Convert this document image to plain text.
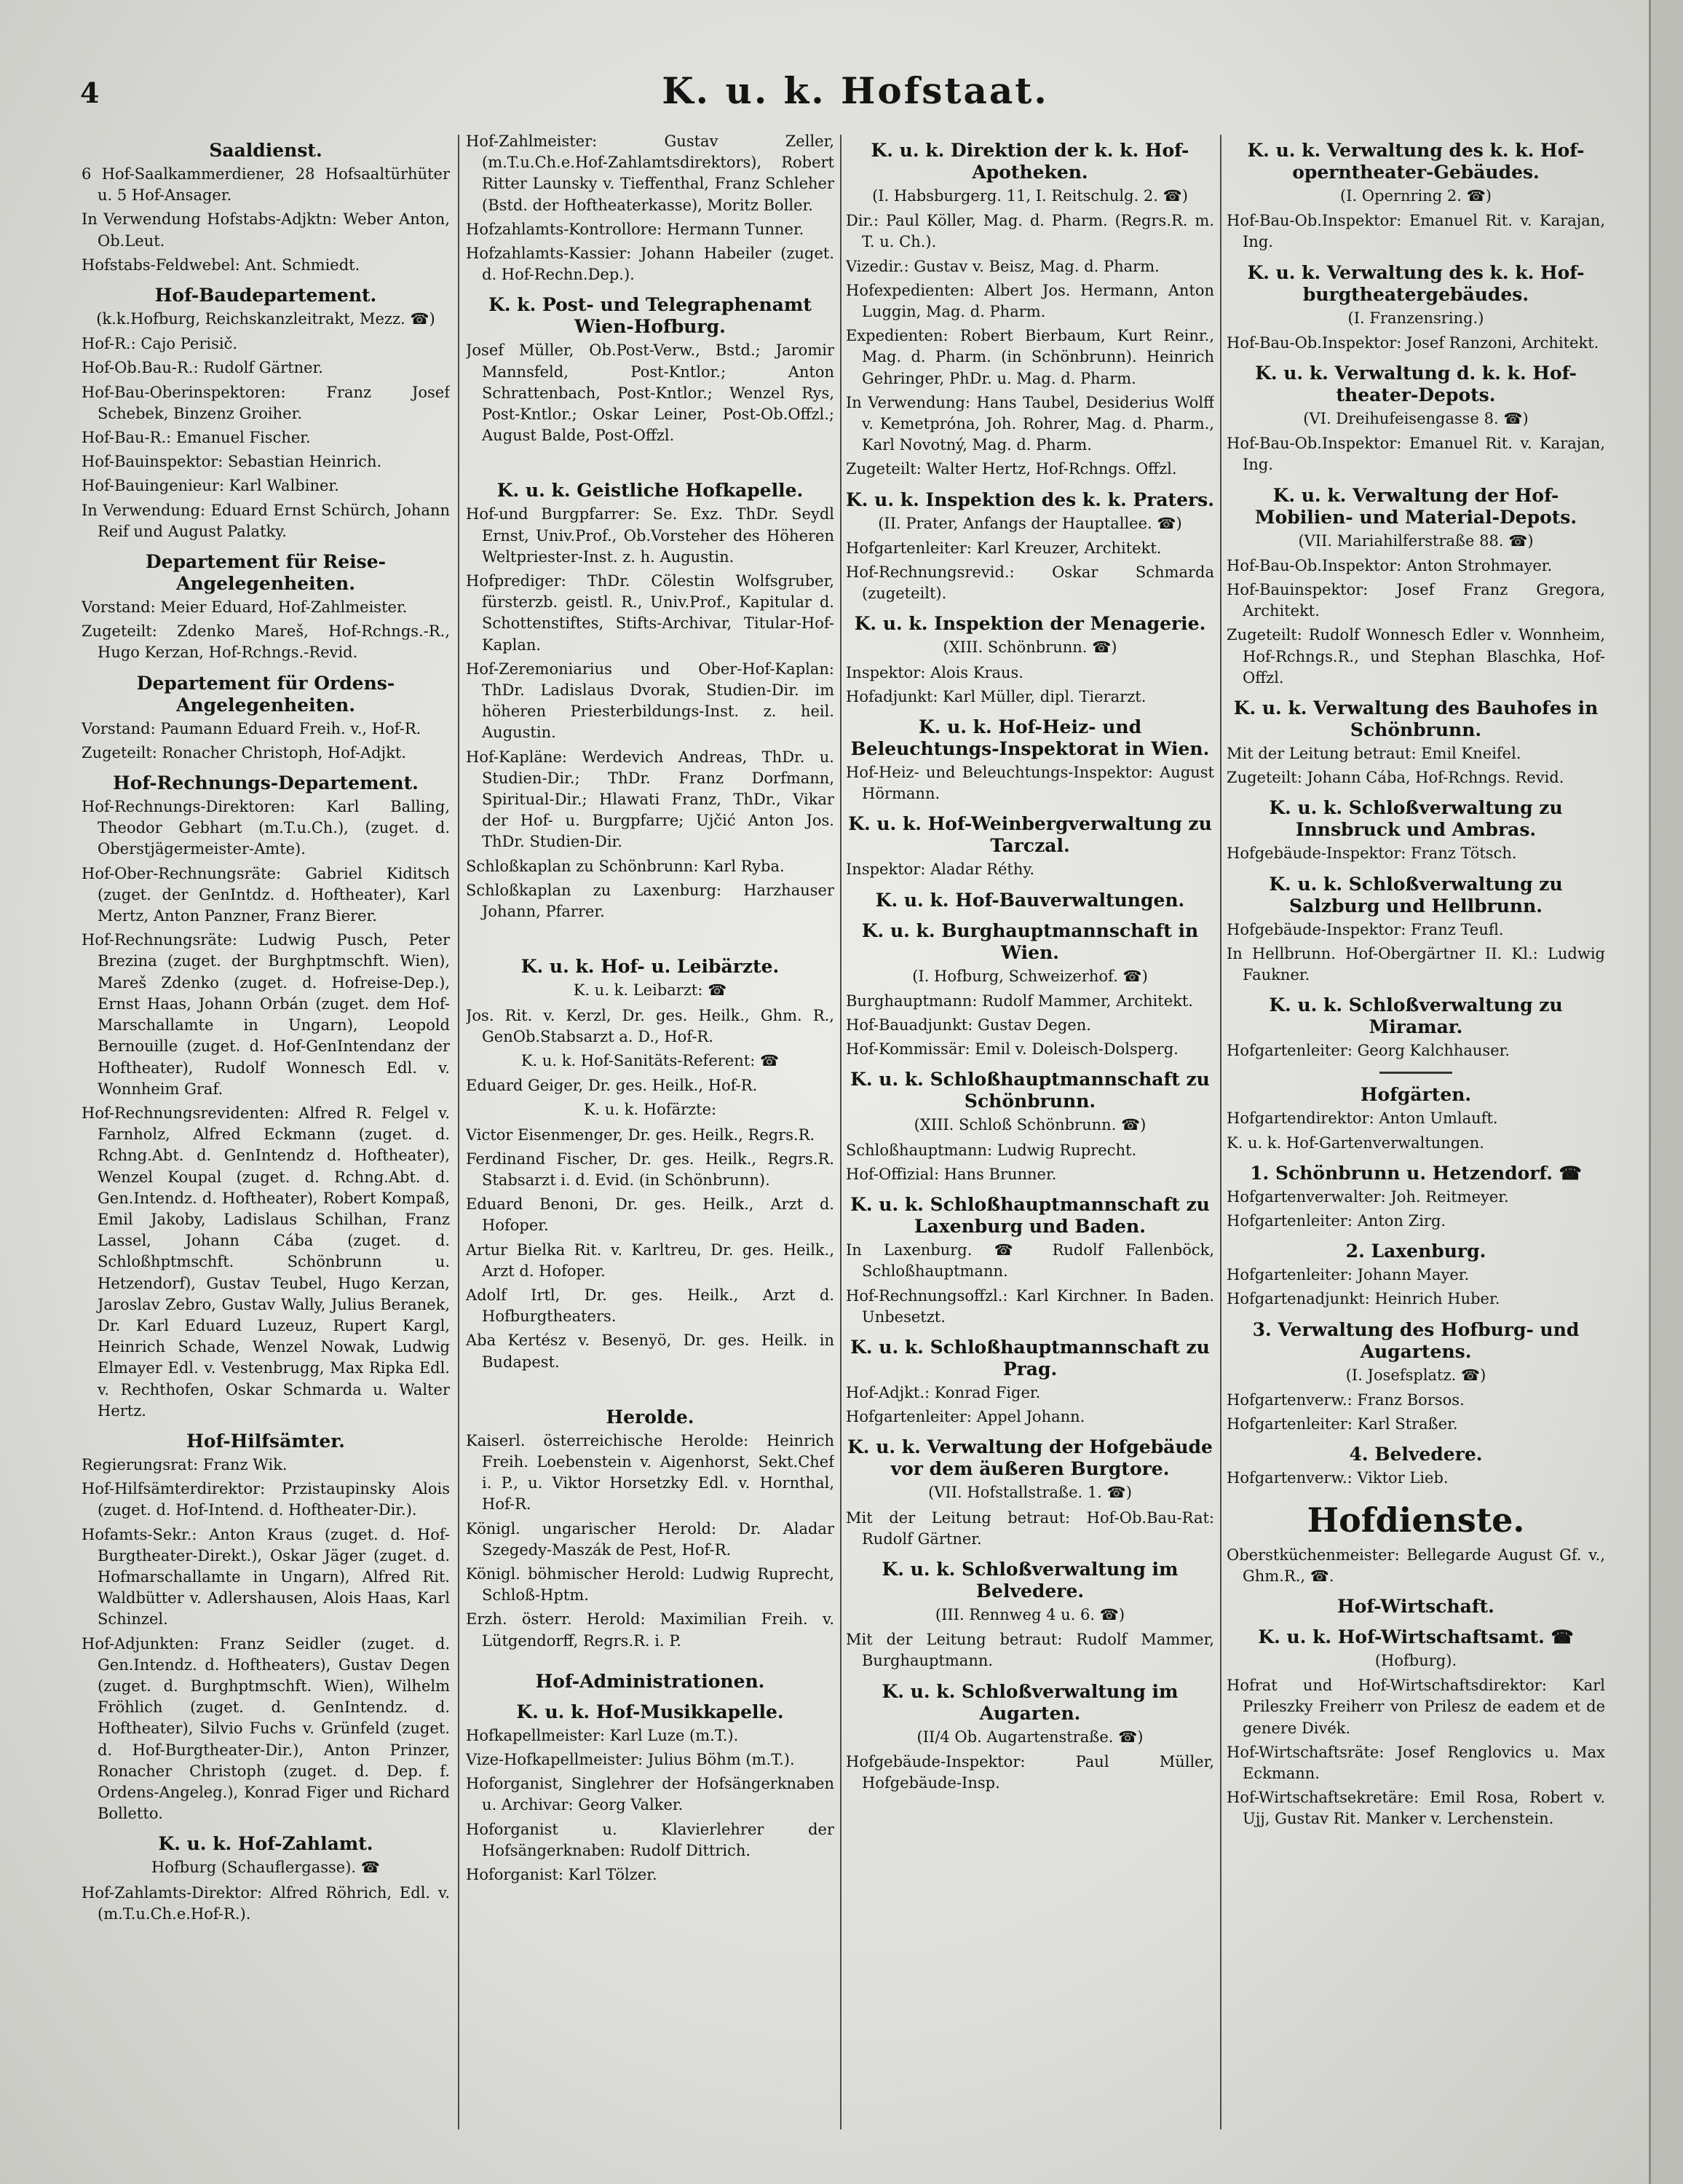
4	K. u. k. Hofstaat.
Saaldienst.
6 Hof-Saalkammerdiener, 28 Hofsaaltürhüter u. 5 Hof-Ansager.
In Verwendung Hofstabs-Adjktn: Weber Anton, Ob.Leut.
Hofstabs-Feldwebel: Ant. Schmiedt.
Hof-Baudepartement.
(k.k.Hofburg, Reichskanzleitrakt, Mezz. ☎)
Hof-R.: Cajo Perisič.
Hof-Ob.Bau-R.: Rudolf Gärtner.
Hof-Bau-Oberinspektoren: Franz Josef Schebek, Binzenz Groiher.
Hof-Bau-R.: Emanuel Fischer.
Hof-Bauinspektor: Sebastian Heinrich.
Hof-Bauingenieur: Karl Walbiner.
In Verwendung: Eduard Ernst Schürch, Johann Reif und August Palatky.
Departement für Reise-Angelegenheiten.
Vorstand: Meier Eduard, Hof-Zahlmeister.
Zugeteilt: Zdenko Mareš, Hof-Rchngs.-R., Hugo Kerzan, Hof-Rchngs.-Revid.
Departement für Ordens-Angelegenheiten.
Vorstand: Paumann Eduard Freih. v., Hof-R.
Zugeteilt: Ronacher Christoph, Hof-Adjkt.
Hof-Rechnungs-Departement.
Hof-Rechnungs-Direktoren: Karl Balling, Theodor Gebhart (m.T.u.Ch.), (zuget. d. Oberstjägermeister-Amte).
Hof-Ober-Rechnungsräte: Gabriel Kiditsch (zuget. der GenIntdz. d. Hoftheater), Karl Mertz, Anton Panzner, Franz Bierer.
Hof-Rechnungsräte: Ludwig Pusch, Peter Brezina (zuget. der Burghptmschft. Wien), Mareš Zdenko (zuget. d. Hofreise-Dep.), Ernst Haas, Johann Orbán (zuget. dem Hof-Marschallamte in Ungarn), Leopold Bernouille (zuget. d. Hof-GenIntendanz der Hoftheater), Rudolf Wonnesch Edl. v. Wonnheim Graf.
Hof-Rechnungsrevidenten: Alfred R. Felgel v. Farnholz, Alfred Eckmann (zuget. d. Rchng.Abt. d. GenIntendz d. Hoftheater), Wenzel Koupal (zuget. d. Rchng.Abt. d. Gen.Intendz. d. Hoftheater), Robert Kompaß, Emil Jakoby, Ladislaus Schilhan, Franz Lassel, Johann Cába (zuget. d. Schloßhptmschft. Schönbrunn u. Hetzendorf), Gustav Teubel, Hugo Kerzan, Jaroslav Zebro, Gustav Wally, Julius Beranek, Dr. Karl Eduard Luzeuz, Rupert Kargl, Heinrich Schade, Wenzel Nowak, Ludwig Elmayer Edl. v. Vestenbrugg, Max Ripka Edl. v. Rechthofen, Oskar Schmarda u. Walter Hertz.
Hof-Hilfsämter.
Regierungsrat: Franz Wik.
Hof-Hilfsämterdirektor: Przistaupinsky Alois (zuget. d. Hof-Intend. d. Hoftheater-Dir.).
Hofamts-Sekr.: Anton Kraus (zuget. d. Hof-Burgtheater-Direkt.), Oskar Jäger (zuget. d. Hofmarschallamte in Ungarn), Alfred Rit. Waldbütter v. Adlershausen, Alois Haas, Karl Schinzel.
Hof-Adjunkten: Franz Seidler (zuget. d. Gen.Intendz. d. Hoftheaters), Gustav Degen (zuget. d. Burghptmschft. Wien), Wilhelm Fröhlich (zuget. d. GenIntendz. d. Hoftheater), Silvio Fuchs v. Grünfeld (zuget. d. Hof-Burgtheater-Dir.), Anton Prinzer, Ronacher Christoph (zuget. d. Dep. f. Ordens-Angeleg.), Konrad Figer und Richard Bolletto.
K. u. k. Hof-Zahlamt.
Hofburg (Schauflergasse). ☎
Hof-Zahlamts-Direktor: Alfred Röhrich, Edl. v. (m.T.u.Ch.e.Hof-R.).
Hof-Zahlmeister: Gustav Zeller, (m.T.u.Ch.e.Hof-Zahlamtsdirektors), Robert Ritter Launsky v. Tieffenthal, Franz Schleher (Bstd. der Hoftheaterkasse), Moritz Boller.
Hofzahlamts-Kontrollore: Hermann Tunner.
Hofzahlamts-Kassier: Johann Habeiler (zuget. d. Hof-Rechn.Dep.).
K. k. Post- und Telegraphenamt Wien-Hofburg.
Josef Müller, Ob.Post-Verw., Bstd.; Jaromir Mannsfeld, Post-Kntlor.; Anton Schrattenbach, Post-Kntlor.; Wenzel Rys, Post-Kntlor.; Oskar Leiner, Post-Ob.Offzl.; August Balde, Post-Offzl.
K. u. k. Geistliche Hofkapelle.
Hof-und Burgpfarrer: Se. Exz. ThDr. Seydl Ernst, Univ.Prof., Ob.Vorsteher des Höheren Weltpriester-Inst. z. h. Augustin.
Hofprediger: ThDr. Cölestin Wolfsgruber, fürsterzb. geistl. R., Univ.Prof., Kapitular d. Schottenstiftes, Stifts-Archivar, Titular-Hof-Kaplan.
Hof-Zeremoniarius und Ober-Hof-Kaplan: ThDr. Ladislaus Dvorak, Studien-Dir. im höheren Priesterbildungs-Inst. z. heil. Augustin.
Hof-Kapläne: Werdevich Andreas, ThDr. u. Studien-Dir.; ThDr. Franz Dorfmann, Spiritual-Dir.; Hlawati Franz, ThDr., Vikar der Hof- u. Burgpfarre; Ujčić Anton Jos. ThDr. Studien-Dir.
Schloßkaplan zu Schönbrunn: Karl Ryba.
Schloßkaplan zu Laxenburg: Harzhauser Johann, Pfarrer.
K. u. k. Hof- u. Leibärzte.
K. u. k. Leibarzt: ☎
Jos. Rit. v. Kerzl, Dr. ges. Heilk., Ghm. R., GenOb.Stabsarzt a. D., Hof-R.
K. u. k. Hof-Sanitäts-Referent: ☎
Eduard Geiger, Dr. ges. Heilk., Hof-R.
K. u. k. Hofärzte:
Victor Eisenmenger, Dr. ges. Heilk., Regrs.R.
Ferdinand Fischer, Dr. ges. Heilk., Regrs.R. Stabsarzt i. d. Evid. (in Schönbrunn).
Eduard Benoni, Dr. ges. Heilk., Arzt d. Hofoper.
Artur Bielka Rit. v. Karltreu, Dr. ges. Heilk., Arzt d. Hofoper.
Adolf Irtl, Dr. ges. Heilk., Arzt d. Hofburgtheaters.
Aba Kertész v. Besenyö, Dr. ges. Heilk. in Budapest.
Herolde.
Kaiserl. österreichische Herolde: Heinrich Freih. Loebenstein v. Aigenhorst, Sekt.Chef i. P., u. Viktor Horsetzky Edl. v. Hornthal, Hof-R.
Königl. ungarischer Herold: Dr. Aladar Szegedy-Maszák de Pest, Hof-R.
Königl. böhmischer Herold: Ludwig Ruprecht, Schloß-Hptm.
Erzh. österr. Herold: Maximilian Freih. v. Lütgendorff, Regrs.R. i. P.
Hof-Administrationen.
K. u. k. Hof-Musikkapelle.
Hofkapellmeister: Karl Luze (m.T.).
Vize-Hofkapellmeister: Julius Böhm (m.T.).
Hoforganist, Singlehrer der Hofsängerknaben u. Archivar: Georg Valker.
Hoforganist u. Klavierlehrer der Hofsängerknaben: Rudolf Dittrich.
Hoforganist: Karl Tölzer.
K. u. k. Direktion der k. k. Hof-Apotheken.
(I. Habsburgerg. 11, I. Reitschulg. 2. ☎)
Dir.: Paul Köller, Mag. d. Pharm. (Regrs.R. m. T. u. Ch.).
Vizedir.: Gustav v. Beisz, Mag. d. Pharm.
Hofexpedienten: Albert Jos. Hermann, Anton Luggin, Mag. d. Pharm.
Expedienten: Robert Bierbaum, Kurt Reinr., Mag. d. Pharm. (in Schönbrunn). Heinrich Gehringer, PhDr. u. Mag. d. Pharm.
In Verwendung: Hans Taubel, Desiderius Wolff v. Kemetpróna, Joh. Rohrer, Mag. d. Pharm., Karl Novotný, Mag. d. Pharm.
Zugeteilt: Walter Hertz, Hof-Rchngs. Offzl.
K. u. k. Inspektion des k. k. Praters.
(II. Prater, Anfangs der Hauptallee. ☎)
Hofgartenleiter: Karl Kreuzer, Architekt.
Hof-Rechnungsrevid.: Oskar Schmarda (zugeteilt).
K. u. k. Inspektion der Menagerie.
(XIII. Schönbrunn. ☎)
Inspektor: Alois Kraus.
Hofadjunkt: Karl Müller, dipl. Tierarzt.
K. u. k. Hof-Heiz- und Beleuchtungs-Inspektorat in Wien.
Hof-Heiz- und Beleuchtungs-Inspektor: August Hörmann.
K. u. k. Hof-Weinbergverwaltung zu Tarczal.
Inspektor: Aladar Réthy.
K. u. k. Hof-Bauverwaltungen.
K. u. k. Burghauptmannschaft in Wien.
(I. Hofburg, Schweizerhof. ☎)
Burghauptmann: Rudolf Mammer, Architekt.
Hof-Bauadjunkt: Gustav Degen.
Hof-Kommissär: Emil v. Doleisch-Dolsperg.
K. u. k. Schloßhauptmannschaft zu Schönbrunn.
(XIII. Schloß Schönbrunn. ☎)
Schloßhauptmann: Ludwig Ruprecht.
Hof-Offizial: Hans Brunner.
K. u. k. Schloßhauptmannschaft zu Laxenburg und Baden.
In Laxenburg. ☎ Rudolf Fallenböck, Schloßhauptmann.
Hof-Rechnungsoffzl.: Karl Kirchner. In Baden. Unbesetzt.
K. u. k. Schloßhauptmannschaft zu Prag.
Hof-Adjkt.: Konrad Figer.
Hofgartenleiter: Appel Johann.
K. u. k. Verwaltung der Hofgebäude vor dem äußeren Burgtore.
(VII. Hofstallstraße. 1. ☎)
Mit der Leitung betraut: Hof-Ob.Bau-Rat: Rudolf Gärtner.
K. u. k. Schloßverwaltung im Belvedere.
(III. Rennweg 4 u. 6. ☎)
Mit der Leitung betraut: Rudolf Mammer, Burghauptmann.
K. u. k. Schloßverwaltung im Augarten.
(II/4 Ob. Augartenstraße. ☎)
Hofgebäude-Inspektor: Paul Müller, Hofgebäude-Insp.
K. u. k. Verwaltung des k. k. Hof-operntheater-Gebäudes.
(I. Opernring 2. ☎)
Hof-Bau-Ob.Inspektor: Emanuel Rit. v. Karajan, Ing.
K. u. k. Verwaltung des k. k. Hof-burgtheatergebäudes.
(I. Franzensring.)
Hof-Bau-Ob.Inspektor: Josef Ranzoni, Architekt.
K. u. k. Verwaltung d. k. k. Hof-theater-Depots.
(VI. Dreihufeisengasse 8. ☎)
Hof-Bau-Ob.Inspektor: Emanuel Rit. v. Karajan, Ing.
K. u. k. Verwaltung der Hof-Mobilien- und Material-Depots.
(VII. Mariahilferstraße 88. ☎)
Hof-Bau-Ob.Inspektor: Anton Strohmayer.
Hof-Bauinspektor: Josef Franz Gregora, Architekt.
Zugeteilt: Rudolf Wonnesch Edler v. Wonnheim, Hof-Rchngs.R., und Stephan Blaschka, Hof-Offzl.
K. u. k. Verwaltung des Bauhofes in Schönbrunn.
Mit der Leitung betraut: Emil Kneifel.
Zugeteilt: Johann Cába, Hof-Rchngs. Revid.
K. u. k. Schloßverwaltung zu Innsbruck und Ambras.
Hofgebäude-Inspektor: Franz Tötsch.
K. u. k. Schloßverwaltung zu Salzburg und Hellbrunn.
Hofgebäude-Inspektor: Franz Teufl.
In Hellbrunn. Hof-Obergärtner II. Kl.: Ludwig Faukner.
K. u. k. Schloßverwaltung zu Miramar.
Hofgartenleiter: Georg Kalchhauser.
Hofgärten.
Hofgartendirektor: Anton Umlauft.
K. u. k. Hof-Gartenverwaltungen.
1. Schönbrunn u. Hetzendorf. ☎
Hofgartenverwalter: Joh. Reitmeyer.
Hofgartenleiter: Anton Zirg.
2. Laxenburg.
Hofgartenleiter: Johann Mayer.
Hofgartenadjunkt: Heinrich Huber.
3. Verwaltung des Hofburg- und Augartens.
(I. Josefsplatz. ☎)
Hofgartenverw.: Franz Borsos.
Hofgartenleiter: Karl Straßer.
4. Belvedere.
Hofgartenverw.: Viktor Lieb.
Hofdienste.
Oberstküchenmeister: Bellegarde August Gf. v., Ghm.R., ☎.
Hof-Wirtschaft.
K. u. k. Hof-Wirtschaftsamt. ☎
(Hofburg).
Hofrat und Hof-Wirtschaftsdirektor: Karl Prileszky Freiherr von Prilesz de eadem et de genere Divék.
Hof-Wirtschaftsräte: Josef Renglovics u. Max Eckmann.
Hof-Wirtschaftsekretäre: Emil Rosa, Robert v. Ujj, Gustav Rit. Manker v. Lerchenstein.
